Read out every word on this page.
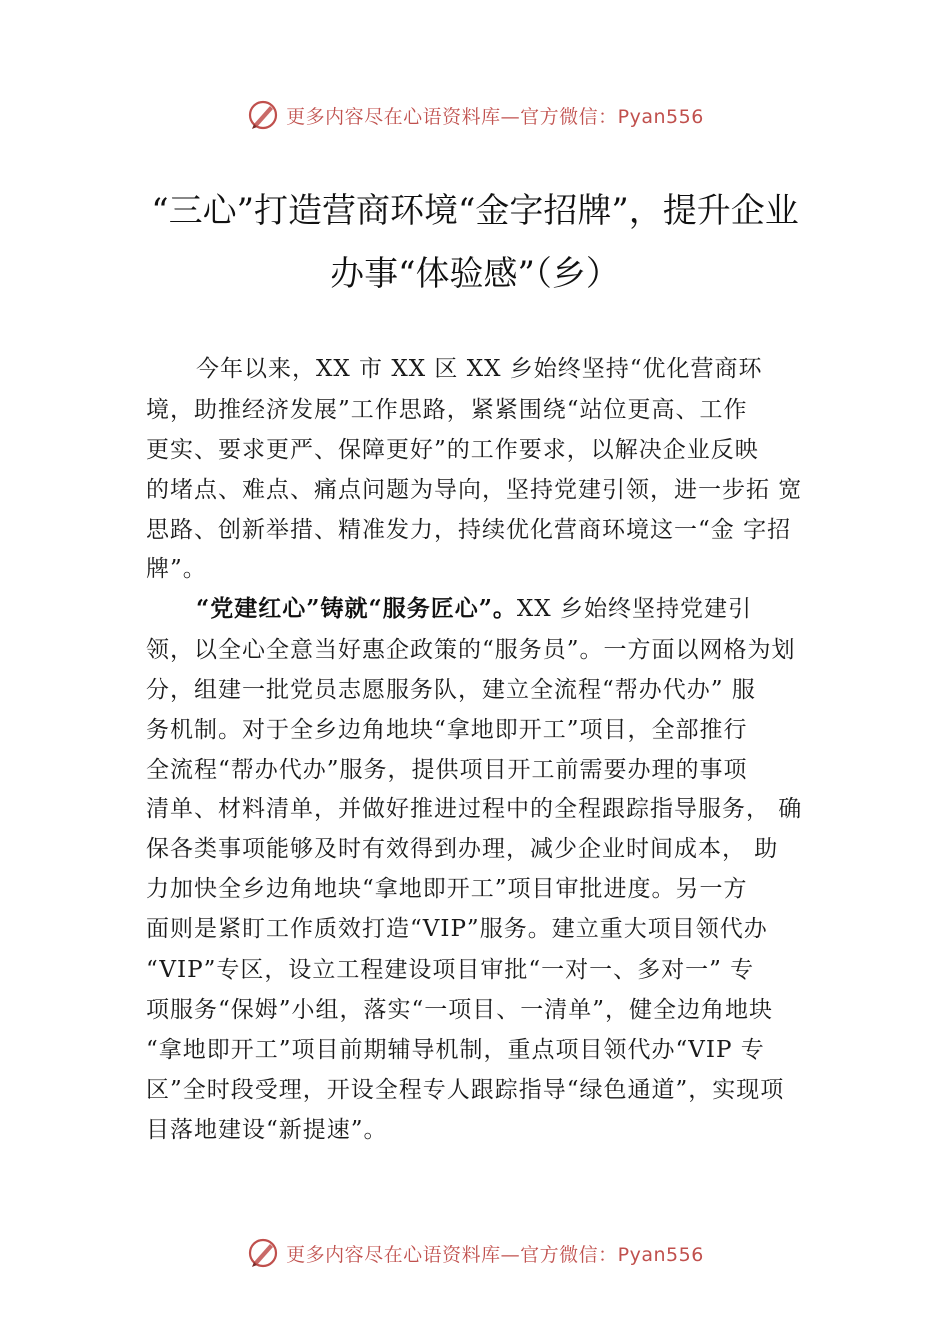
更多内容尽在心语资料库—官方微信：Pyan556
“三心”打造营商环境“金字招牌”，提升企业
办事“体验感”（乡）
今年以来，XX 市 XX 区 XX 乡始终坚持“优化营商环
境，助推经济发展”工作思路，紧紧围绕“站位更高、工作
更实、要求更严、保障更好”的工作要求，以解决企业反映
的堵点、难点、痛点问题为导向，坚持党建引领，进一步拓 宽
思路、创新举措、精准发力，持续优化营商环境这一“金 字招
牌”。
“党建红心”铸就“服务匠心”。XX 乡始终坚持党建引
领，以全心全意当好惠企政策的“服务员”。一方面以网格为划
分，组建一批党员志愿服务队，建立全流程“帮办代办” 服
务机制。对于全乡边角地块“拿地即开工”项目，全部推行
全流程“帮办代办”服务，提供项目开工前需要办理的事项
清单、材料清单，并做好推进过程中的全程跟踪指导服务， 确
保各类事项能够及时有效得到办理，减少企业时间成本， 助
力加快全乡边角地块“拿地即开工”项目审批进度。另一方
面则是紧盯工作质效打造“VIP”服务。建立重大项目领代办
“VIP”专区，设立工程建设项目审批“一对一、多对一” 专
项服务“保姆”小组，落实“一项目、一清单”，健全边角地块
“拿地即开工”项目前期辅导机制，重点项目领代办“VIP 专
区”全时段受理，开设全程专人跟踪指导“绿色通道”，实现项
目落地建设“新提速”。
更多内容尽在心语资料库—官方微信：Pyan556
